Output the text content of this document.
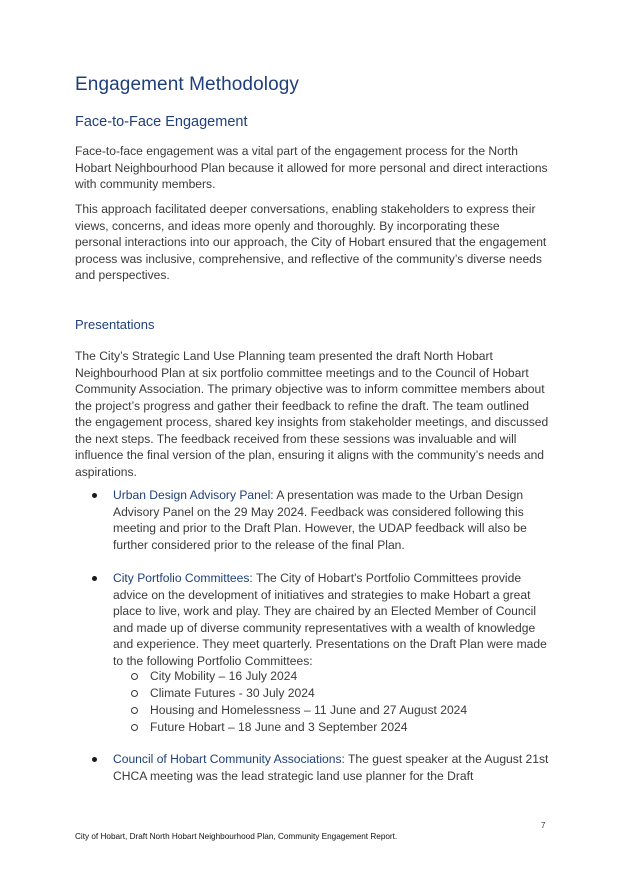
Engagement Methodology
Face-to-Face Engagement

Face-to-face engagement was a vital part of the engagement process for the North Hobart Neighbourhood Plan because it allowed for more personal and direct interactions with community members.

This approach facilitated deeper conversations, enabling stakeholders to express their views, concerns, and ideas more openly and thoroughly. By incorporating these personal interactions into our approach, the City of Hobart ensured that the engagement process was inclusive, comprehensive, and reflective of the community’s diverse needs and perspectives.

Presentations

The City’s Strategic Land Use Planning team presented the draft North Hobart Neighbourhood Plan at six portfolio committee meetings and to the Council of Hobart Community Association. The primary objective was to inform committee members about the project’s progress and gather their feedback to refine the draft. The team outlined the engagement process, shared key insights from stakeholder meetings, and discussed the next steps. The feedback received from these sessions was invaluable and will influence the final version of the plan, ensuring it aligns with the community’s needs and aspirations.

Urban Design Advisory Panel: A presentation was made to the Urban Design Advisory Panel on the 29 May 2024. Feedback was considered following this meeting and prior to the Draft Plan. However, the UDAP feedback will also be further considered prior to the release of the final Plan.

City Portfolio Committees: The City of Hobart's Portfolio Committees provide advice on the development of initiatives and strategies to make Hobart a great place to live, work and play. They are chaired by an Elected Member of Council and made up of diverse community representatives with a wealth of knowledge and experience. They meet quarterly. Presentations on the Draft Plan were made to the following Portfolio Committees:

City Mobility – 16 July 2024
Climate Futures - 30 July 2024
Housing and Homelessness – 11 June and 27 August 2024
Future Hobart – 18 June and 3 September 2024

Council of Hobart Community Associations: The guest speaker at the August 21st CHCA meeting was the lead strategic land use planner for the Draft

7
City of Hobart, Draft North Hobart Neighbourhood Plan, Community Engagement Report.
